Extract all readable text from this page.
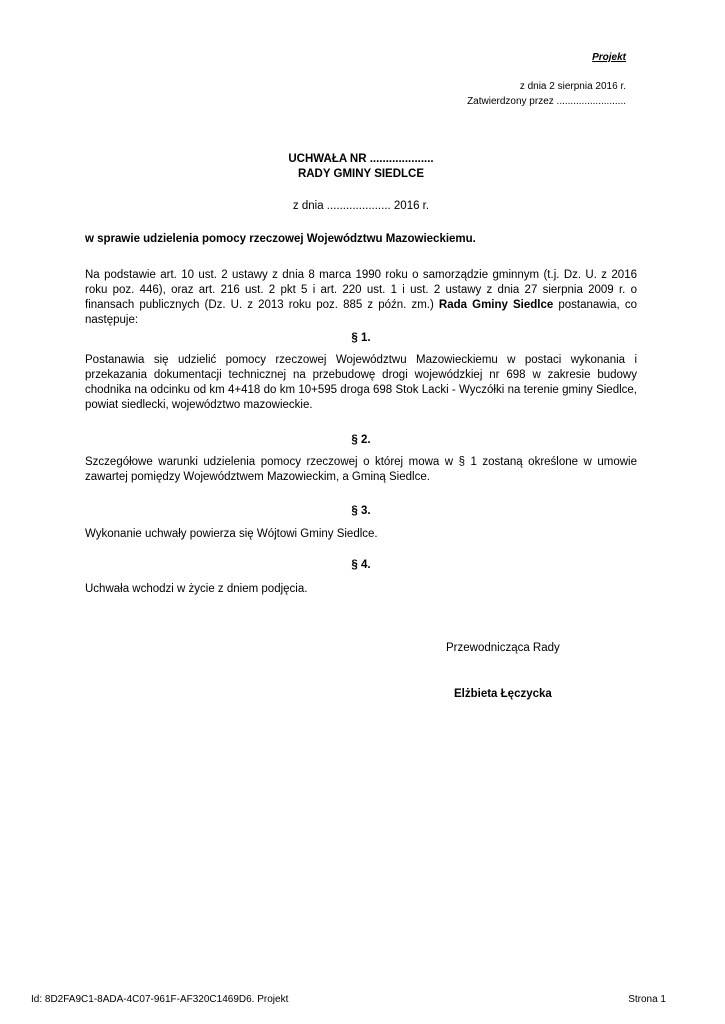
Projekt
z dnia 2 sierpnia 2016 r.
Zatwierdzony przez .........................
UCHWAŁA NR ....................
RADY GMINY SIEDLCE
z dnia .................... 2016 r.
w sprawie udzielenia pomocy rzeczowej Województwu Mazowieckiemu.
Na podstawie art. 10 ust. 2 ustawy z dnia 8 marca 1990 roku o samorządzie gminnym (t.j. Dz. U. z 2016 roku poz. 446), oraz art. 216 ust. 2 pkt 5 i art. 220 ust. 1 i ust. 2 ustawy z dnia 27 sierpnia 2009 r. o finansach publicznych (Dz. U. z 2013 roku poz. 885 z późn. zm.) Rada Gminy Siedlce postanawia, co następuje:
§ 1.
Postanawia się udzielić pomocy rzeczowej Województwu Mazowieckiemu w postaci wykonania i przekazania dokumentacji technicznej na przebudowę drogi wojewódzkiej nr 698 w zakresie budowy chodnika na odcinku od km 4+418 do km 10+595 droga 698 Stok Lacki - Wyczółki na terenie gminy Siedlce, powiat siedlecki, województwo mazowieckie.
§ 2.
Szczegółowe warunki udzielenia pomocy rzeczowej o której mowa w § 1 zostaną określone w umowie zawartej pomiędzy Województwem Mazowieckim, a Gminą Siedlce.
§ 3.
Wykonanie uchwały powierza się Wójtowi Gminy Siedlce.
§ 4.
Uchwała wchodzi w życie z dniem podjęcia.
Przewodnicząca Rady
Elżbieta Łęczycka
Id: 8D2FA9C1-8ADA-4C07-961F-AF320C1469D6. Projekt	Strona 1
